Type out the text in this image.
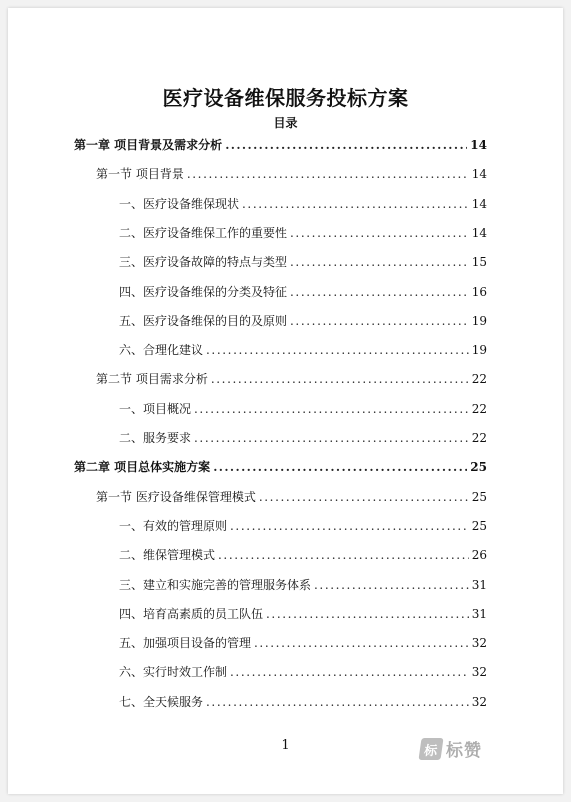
医疗设备维保服务投标方案
目录
第一章 项目背景及需求分析 .....	14
第一节 项目背景 .....	14
一、医疗设备维保现状 .....	14
二、医疗设备维保工作的重要性 .....	14
三、医疗设备故障的特点与类型 .....	15
四、医疗设备维保的分类及特征 .....	16
五、医疗设备维保的目的及原则 .....	19
六、合理化建议 .....	19
第二节 项目需求分析 .....	22
一、项目概况 .....	22
二、服务要求 .....	22
第二章 项目总体实施方案 .....	25
第一节 医疗设备维保管理模式 .....	25
一、有效的管理原则 .....	25
二、维保管理模式 .....	26
三、建立和实施完善的管理服务体系 .....	31
四、培育高素质的员工队伍 .....	31
五、加强项目设备的管理 .....	32
六、实行时效工作制 .....	32
七、全天候服务 .....	32
1	标 标赞
